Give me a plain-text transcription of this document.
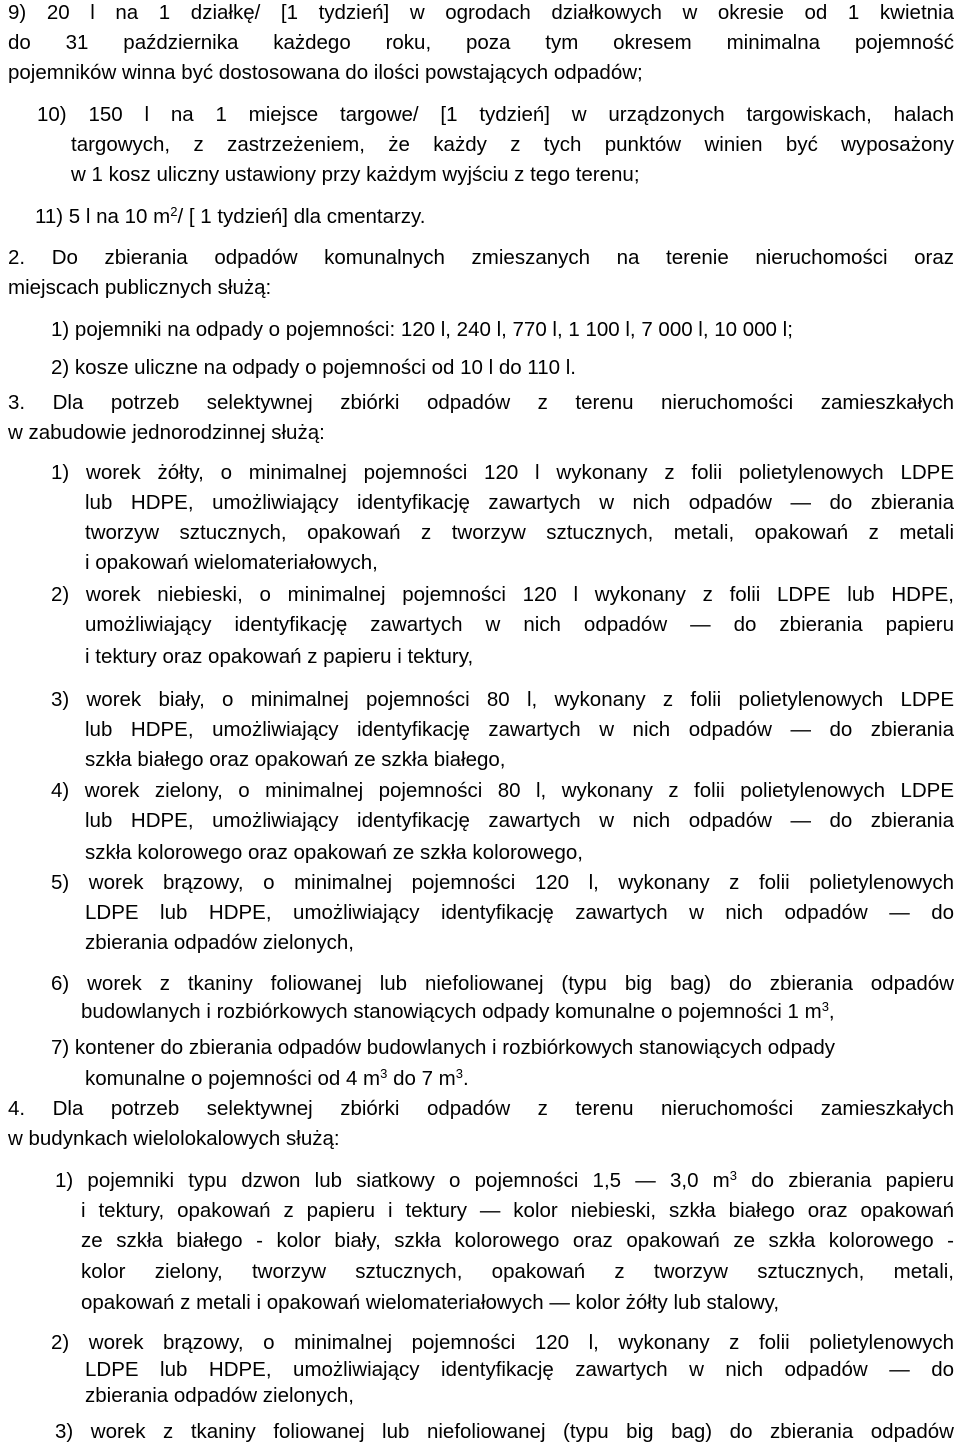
9) 20 l na 1 działkę/ [1 tydzień] w ogrodach działkowych w okresie od 1 kwietnia
do 31 października każdego roku, poza tym okresem minimalna pojemność
pojemników winna być dostosowana do ilości powstających odpadów;
10) 150 l na 1 miejsce targowe/ [1 tydzień] w urządzonych targowiskach, halach
targowych, z zastrzeżeniem, że każdy z tych punktów winien być wyposażony
w 1 kosz uliczny ustawiony przy każdym wyjściu z tego terenu;
11) 5 l na 10 $m^2/$ [ 1 tydzień] dla cmentarzy.
2. Do zbierania odpadów komunalnych zmieszanych na terenie nieruchomości oraz
miejscach publicznych służą:
1) pojemniki na odpady o pojemności: 120 l, 240 l, 770 l, 1 100 l, 7 000 l, 10 000 l;
2) kosze uliczne na odpady o pojemności od 10 l do 110 l.
3. Dla potrzeb selektywnej zbiórki odpadów z terenu nieruchomości zamieszkałych
w zabudowie jednorodzinnej służą:
1) worek żółty, o minimalnej pojemności 120 l wykonany z folii polietylenowych LDPE
lub HDPE, umożliwiający identyfikację zawartych w nich odpadów — do zbierania
tworzyw sztucznych, opakowań z tworzyw sztucznych, metali, opakowań z metali
i opakowań wielomateriałowych,
2) worek niebieski, o minimalnej pojemności 120 l wykonany z folii LDPE lub HDPE,
umożliwiający identyfikację zawartych w nich odpadów — do zbierania papieru
i tektury oraz opakowań z papieru i tektury,
3) worek biały, o minimalnej pojemności 80 l, wykonany z folii polietylenowych LDPE
lub HDPE, umożliwiający identyfikację zawartych w nich odpadów — do zbierania
szkła białego oraz opakowań ze szkła białego,
4) worek zielony, o minimalnej pojemności 80 l, wykonany z folii polietylenowych LDPE
lub HDPE, umożliwiający identyfikację zawartych w nich odpadów — do zbierania
szkła kolorowego oraz opakowań ze szkła kolorowego,
5) worek brązowy, o minimalnej pojemności 120 l, wykonany z folii polietylenowych
LDPE lub HDPE, umożliwiający identyfikację zawartych w nich odpadów — do
zbierania odpadów zielonych,
6) worek z tkaniny foliowanej lub niefoliowanej (typu big bag) do zbierania odpadów
budowlanych i rozbiórkowych stanowiących odpady komunalne o pojemności 1 $m^3$,
7) kontener do zbierania odpadów budowlanych i rozbiórkowych stanowiących odpady
komunalne o pojemności od 4 $m^3$ do 7 $m^3$.
4. Dla potrzeb selektywnej zbiórki odpadów z terenu nieruchomości zamieszkałych
w budynkach wielolokalowych służą:
1) pojemniki typu dzwon lub siatkowy o pojemności 1,5 — 3,0 $m^3$ do zbierania papieru
i tektury, opakowań z papieru i tektury — kolor niebieski, szkła białego oraz opakowań
ze szkła białego - kolor biały, szkła kolorowego oraz opakowań ze szkła kolorowego -
kolor zielony, tworzyw sztucznych, opakowań z tworzyw sztucznych, metali,
opakowań z metali i opakowań wielomateriałowych — kolor żółty lub stalowy,
2) worek brązowy, o minimalnej pojemności 120 l, wykonany z folii polietylenowych
LDPE lub HDPE, umożliwiający identyfikację zawartych w nich odpadów — do
zbierania odpadów zielonych,
3) worek z tkaniny foliowanej lub niefoliowanej (typu big bag) do zbierania odpadów
